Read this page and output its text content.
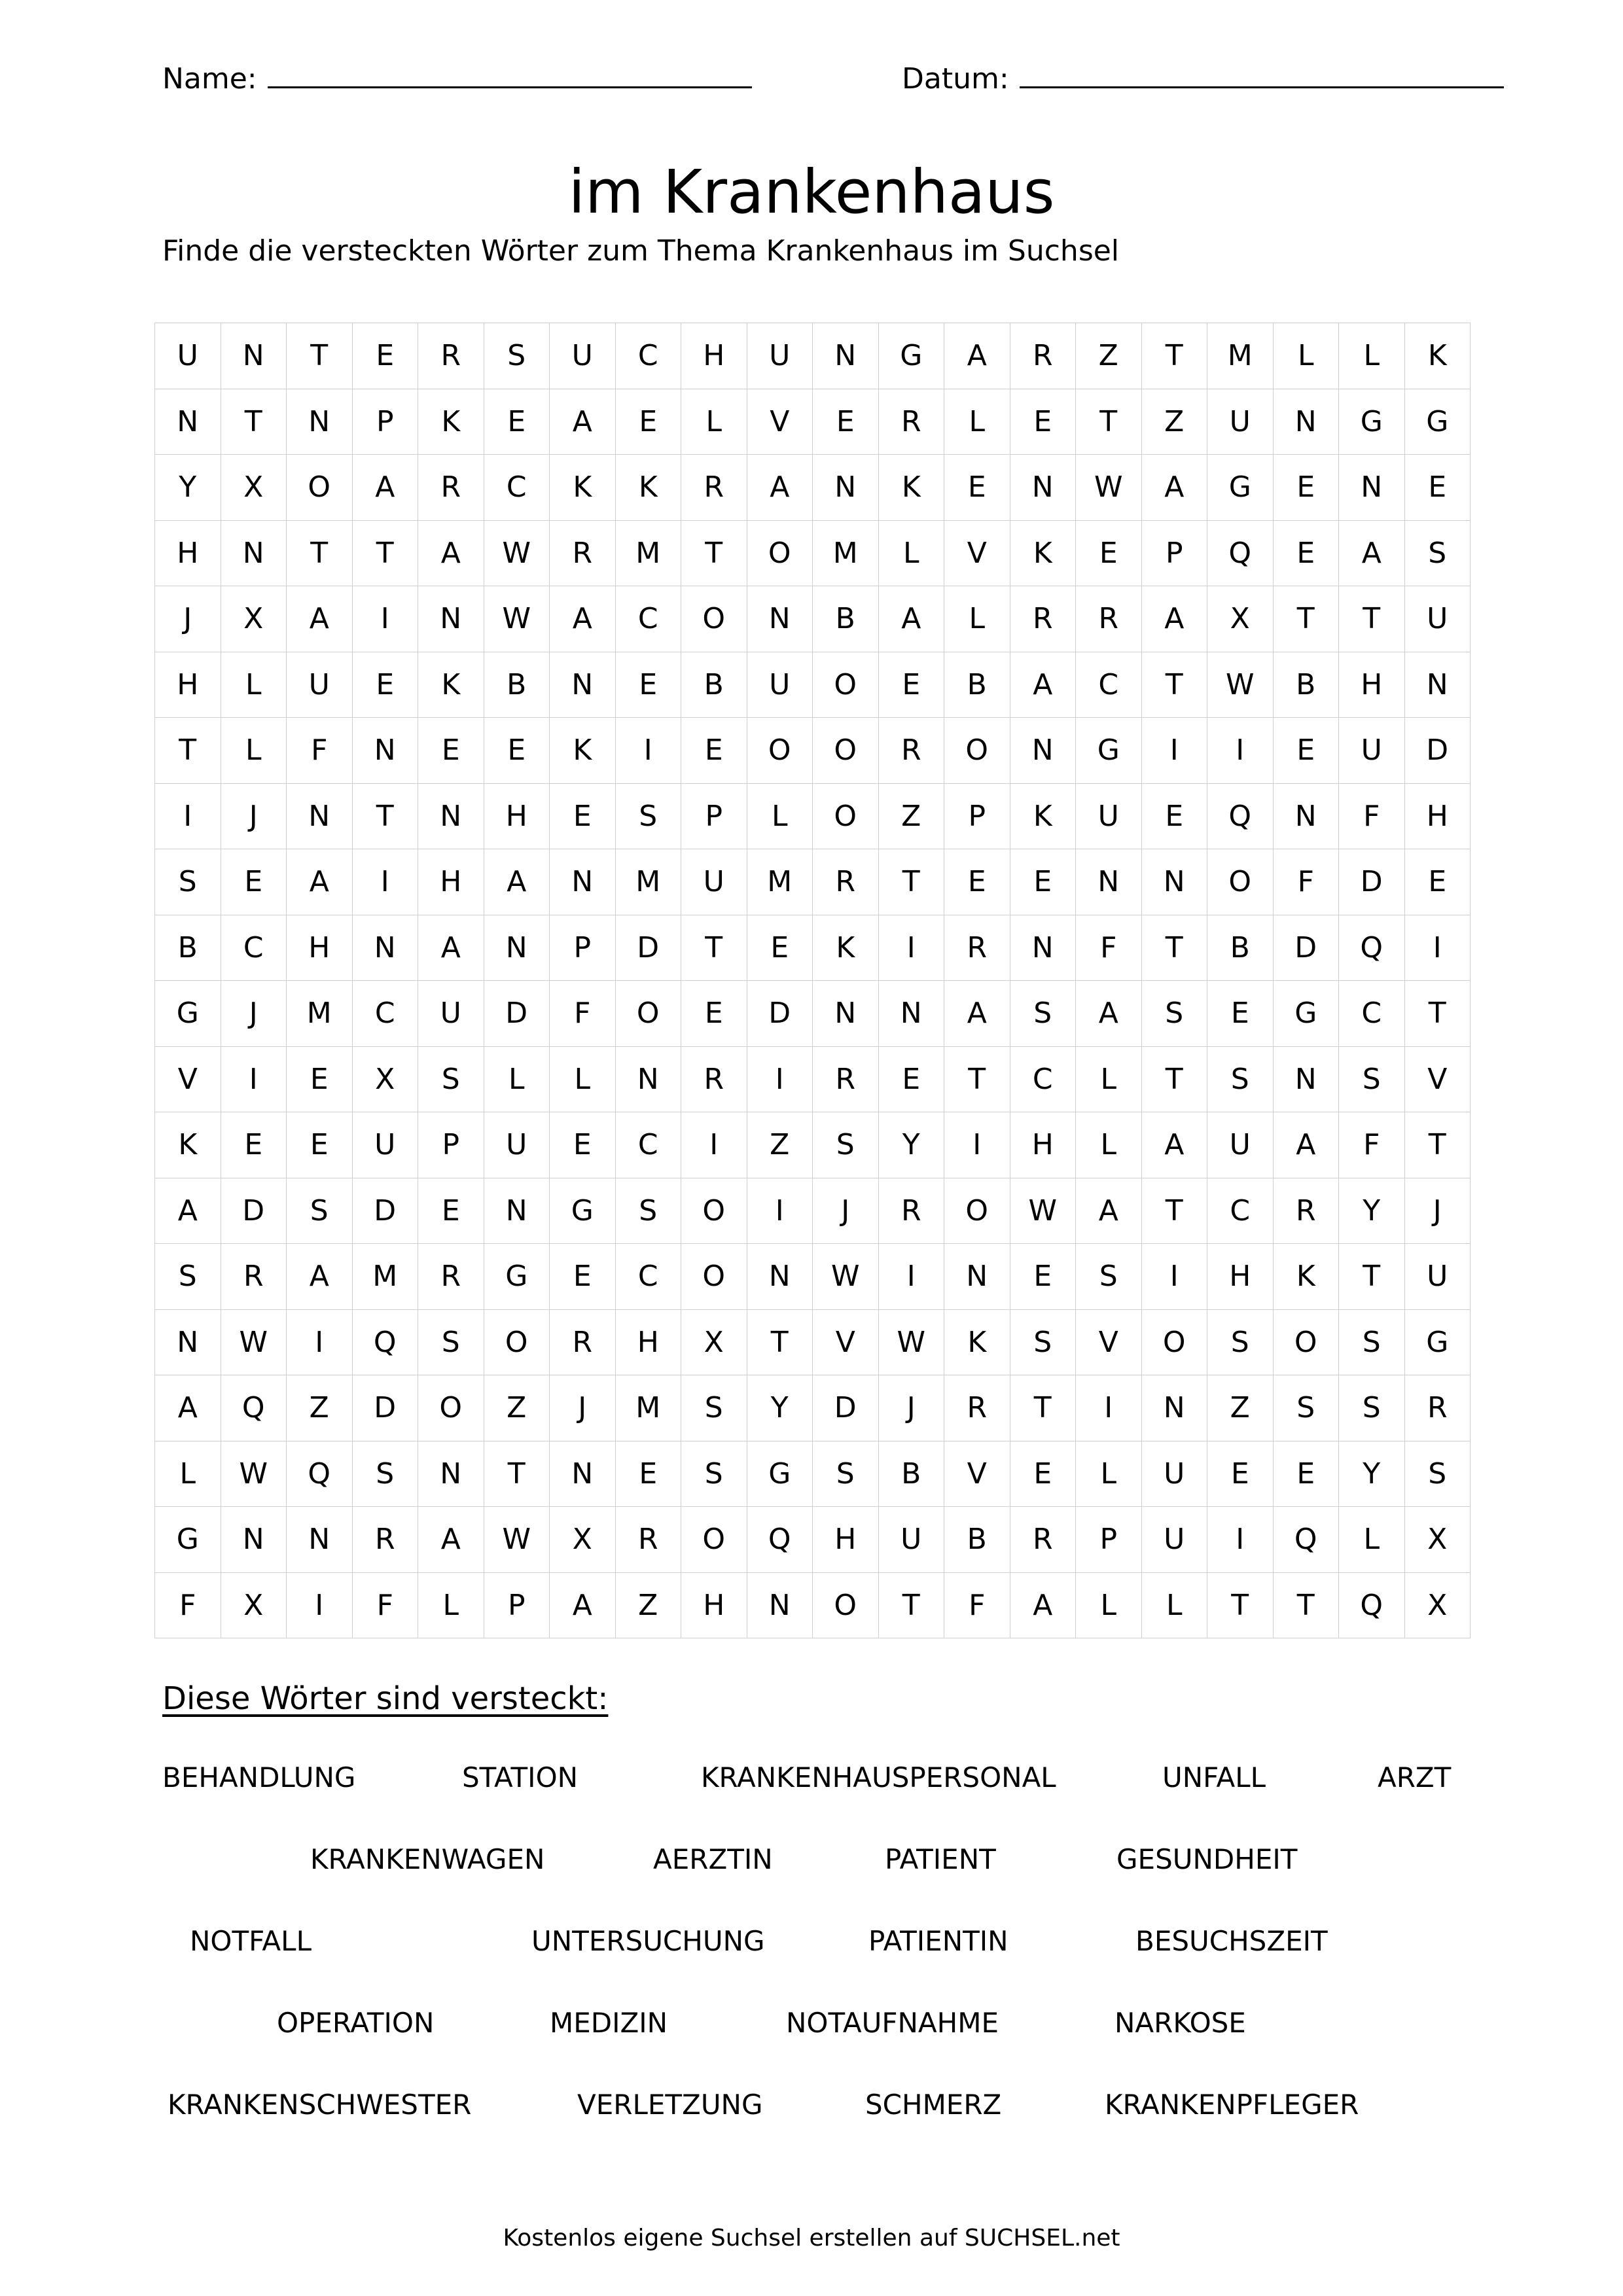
Name:	Datum:
im Krankenhaus
Finde die versteckten Wörter zum Thema Krankenhaus im Suchsel
U	N	T	E	R	S	U	C	H	U	N	G	A	R	Z	T	M	L	L	K
N	T	N	P	K	E	A	E	L	V	E	R	L	E	T	Z	U	N	G	G
Y	X	O	A	R	C	K	K	R	A	N	K	E	N	W	A	G	E	N	E
H	N	T	T	A	W	R	M	T	O	M	L	V	K	E	P	Q	E	A	S
J	X	A	I	N	W	A	C	O	N	B	A	L	R	R	A	X	T	T	U
H	L	U	E	K	B	N	E	B	U	O	E	B	A	C	T	W	B	H	N
T	L	F	N	E	E	K	I	E	O	O	R	O	N	G	I	I	E	U	D
I	J	N	T	N	H	E	S	P	L	O	Z	P	K	U	E	Q	N	F	H
S	E	A	I	H	A	N	M	U	M	R	T	E	E	N	N	O	F	D	E
B	C	H	N	A	N	P	D	T	E	K	I	R	N	F	T	B	D	Q	I
G	J	M	C	U	D	F	O	E	D	N	N	A	S	A	S	E	G	C	T
V	I	E	X	S	L	L	N	R	I	R	E	T	C	L	T	S	N	S	V
K	E	E	U	P	U	E	C	I	Z	S	Y	I	H	L	A	U	A	F	T
A	D	S	D	E	N	G	S	O	I	J	R	O	W	A	T	C	R	Y	J
S	R	A	M	R	G	E	C	O	N	W	I	N	E	S	I	H	K	T	U
N	W	I	Q	S	O	R	H	X	T	V	W	K	S	V	O	S	O	S	G
A	Q	Z	D	O	Z	J	M	S	Y	D	J	R	T	I	N	Z	S	S	R
L	W	Q	S	N	T	N	E	S	G	S	B	V	E	L	U	E	E	Y	S
G	N	N	R	A	W	X	R	O	Q	H	U	B	R	P	U	I	Q	L	X
F	X	I	F	L	P	A	Z	H	N	O	T	F	A	L	L	T	T	Q	X
Diese Wörter sind versteckt:
BEHANDLUNG	STATION	KRANKENHAUSPERSONAL	UNFALL	ARZT
KRANKENWAGEN	AERZTIN	PATIENT	GESUNDHEIT
NOTFALL	UNTERSUCHUNG	PATIENTIN	BESUCHSZEIT
OPERATION	MEDIZIN	NOTAUFNAHME	NARKOSE
KRANKENSCHWESTER	VERLETZUNG	SCHMERZ	KRANKENPFLEGER
Kostenlos eigene Suchsel erstellen auf SUCHSEL.net
